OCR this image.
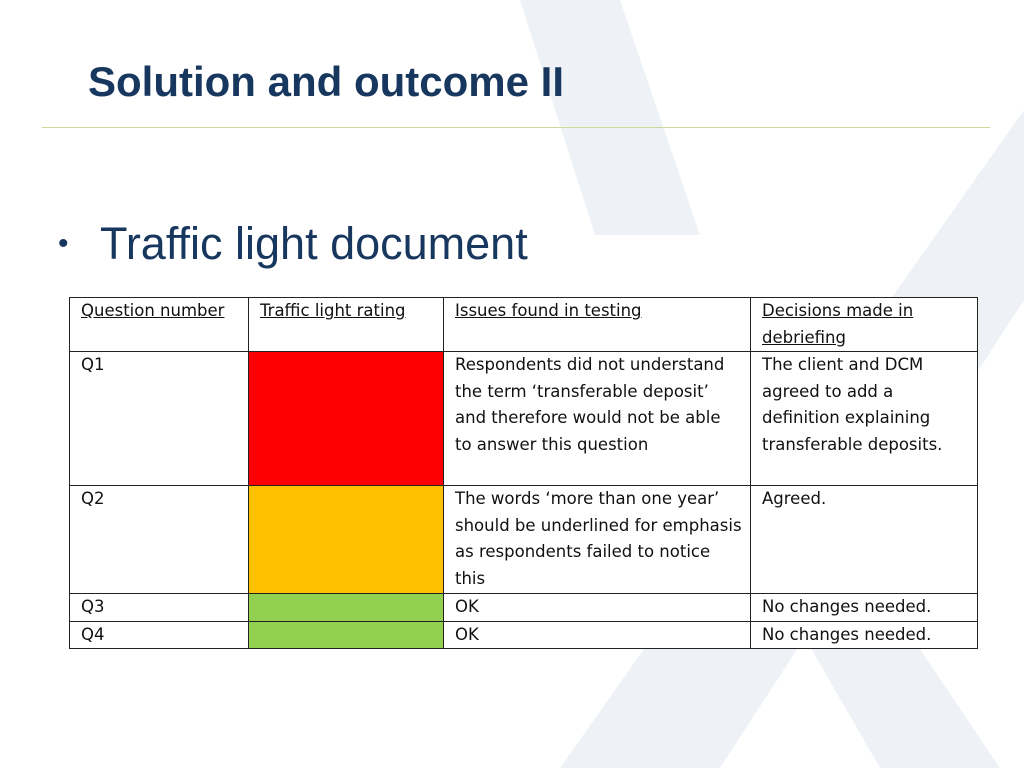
Solution and outcome II
• Traffic light document
Question number	Traffic light rating	Issues found in testing	Decisions made in debriefing
Q1		Respondents did not understand the term ‘transferable deposit’ and therefore would not be able to answer this question	The client and DCM agreed to add a definition explaining transferable deposits.
Q2		The words ‘more than one year’ should be underlined for emphasis as respondents failed to notice this	Agreed.
Q3		OK	No changes needed.
Q4		OK	No changes needed.
